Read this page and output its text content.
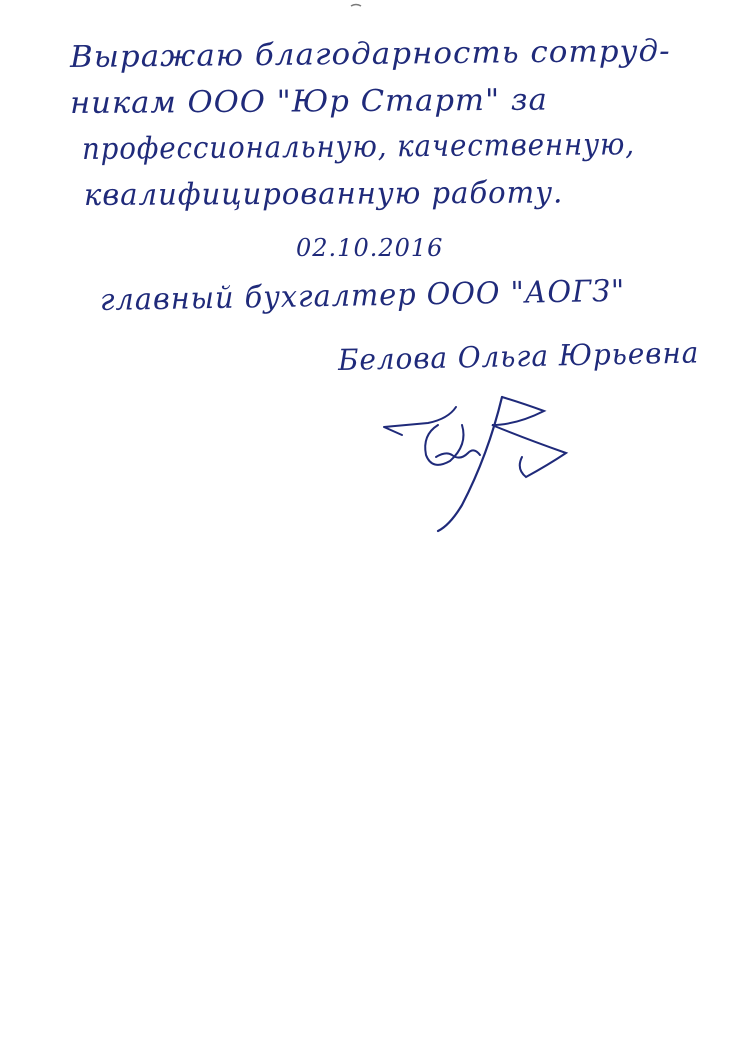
Выражаю благодарность сотруд-
никам ООО "Юр Старт" за
профессиональную, качественную,
квалифицированную работу.
02.10.2016
главный бухгалтер ООО "АОГЗ"
Белова Ольга Юрьевна
